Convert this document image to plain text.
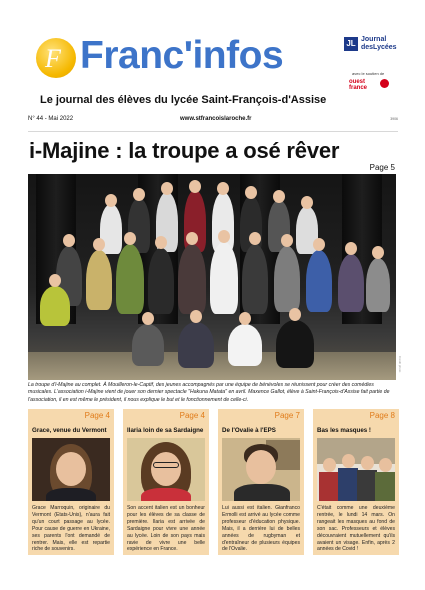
F Franc'infos	JL Journal
desLycées
avec le soutien de
ouest
france
Le journal des élèves du lycée Saint-François-d'Assise
N° 44 - Mai 2022	www.stfrancoislaroche.fr	3906
i-Majine : la troupe a osé rêver
Page 5
Crédit photo
La troupe d'i-Majine au complet. À Mouilleron-le-Captif, des jeunes accompagnés par une équipe de bénévoles se réunissent pour créer des comédies musicales. L'association i-Majine vient de jouer son dernier spectacle "Hakuna Matata" en avril. Maxence Gallot, élève à Saint-François-d'Assise fait partie de l'association, il en est même le président, il nous explique le but et le fonctionnement de celle-ci.
Page 4
Grace, venue du Vermont
Grace Marroquin, originaire du Vermont (Etats-Unis), n'aura fait qu'un court passage au lycée. Pour cause de guerre en Ukraine, ses parents l'ont demandé de rentrer. Mais, elle est repartie riche de souvenirs.
Page 4
Ilaria loin de sa Sardaigne
Son accent italien est un bonheur pour les élèves de sa classe de première. Ilaria est arrivée de Sardaigne pour vivre une année au lycée. Loin de son pays mais ravie de vivre une belle expérience en France.
Page 7
De l'Ovalie à l'EPS
Lui aussi est italien. Gianfranco Ermolli est arrivé au lycée comme professeur d'éducation physique. Mais, il a derrière lui de belles années de rugbyman et d'entraîneur de plusieurs équipes de l'Ovalie.
Page 8
Bas les masques !
C'était comme une deuxième rentrée, le lundi 14 mars. On rangeait les masques au fond de son sac. Professeurs et élèves découvraient mutuellement qu'ils avaient un visage. Enfin, après 2 années de Covid !
